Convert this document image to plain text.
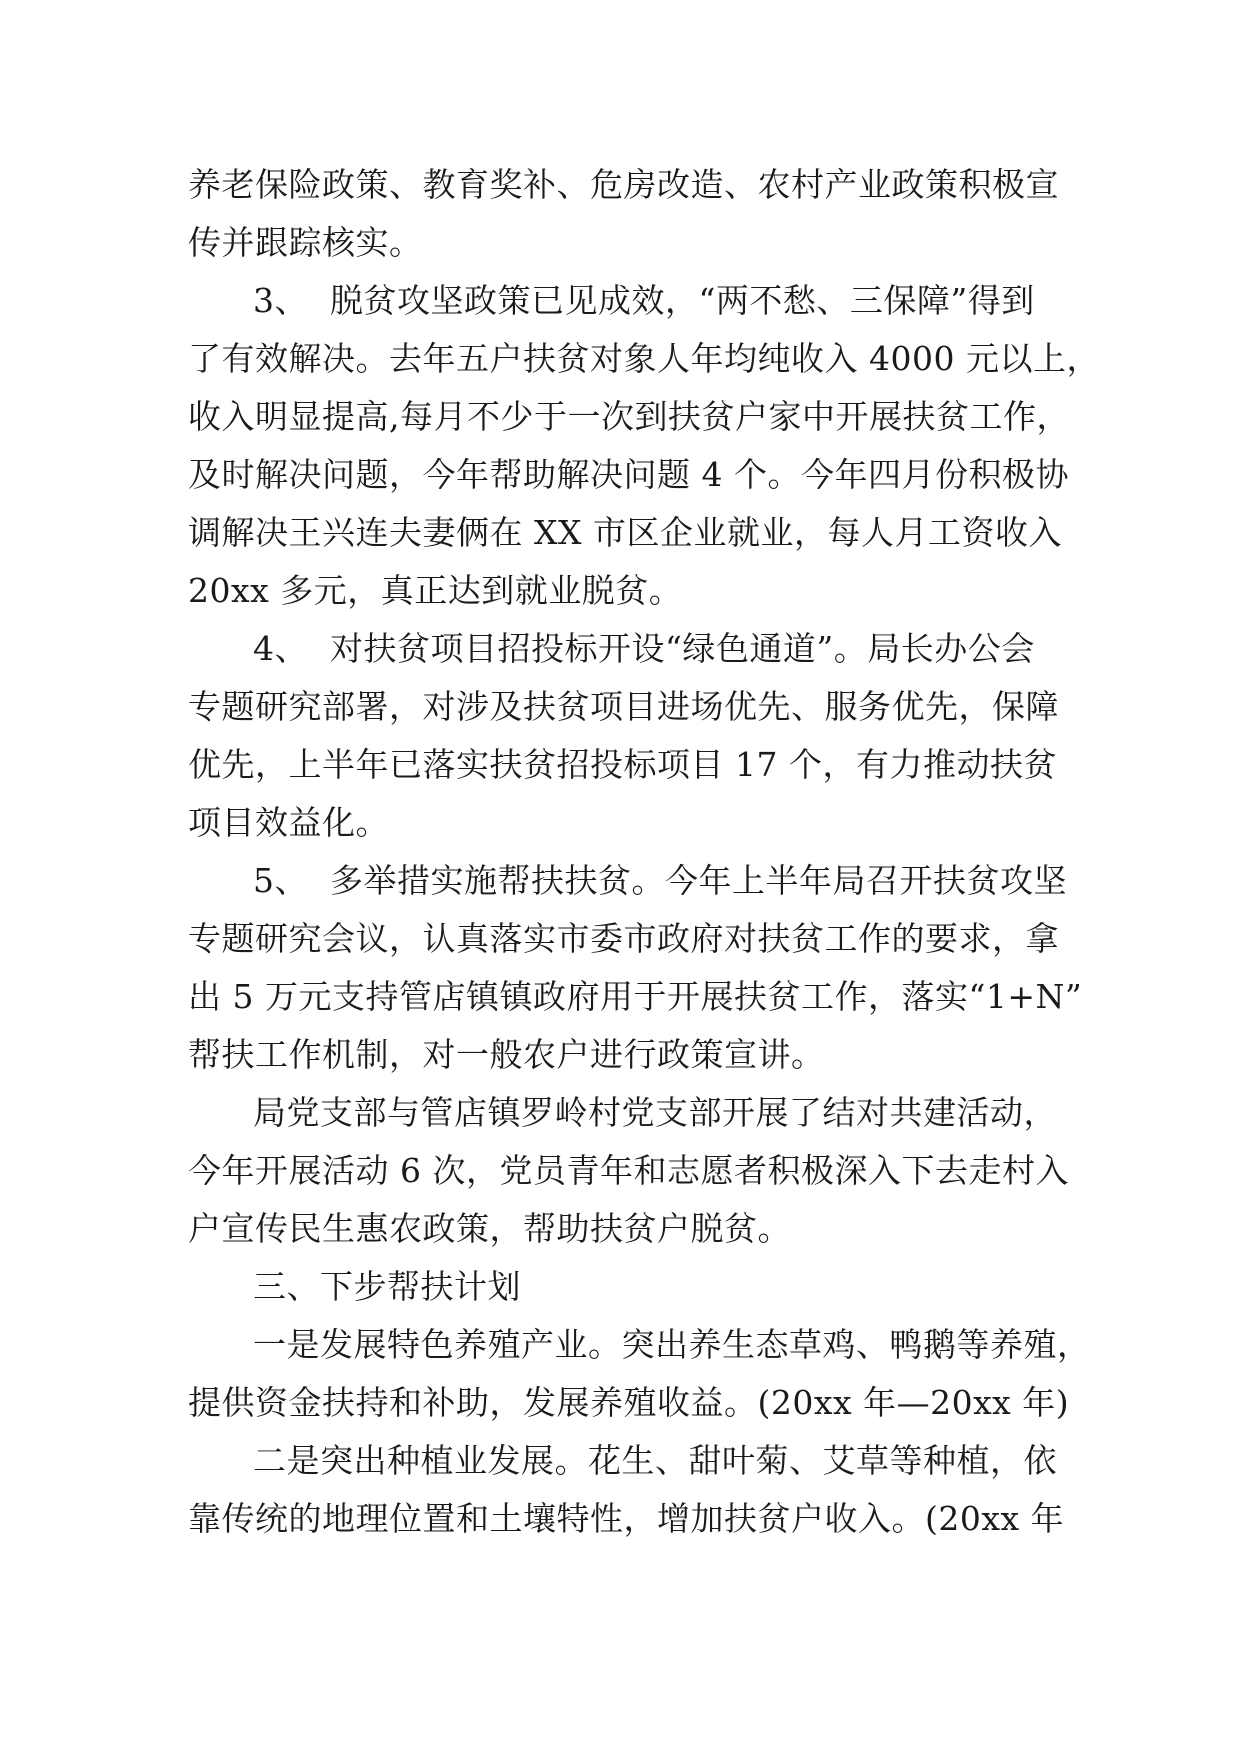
养老保险政策、教育奖补、危房改造、农村产业政策积极宣
传并跟踪核实。
3、  脱贫攻坚政策已见成效，“两不愁、三保障”得到
了有效解决。去年五户扶贫对象人年均纯收入 4000 元以上，
收入明显提高,每月不少于一次到扶贫户家中开展扶贫工作，
及时解决问题，今年帮助解决问题 4 个。今年四月份积极协
调解决王兴连夫妻俩在 XX 市区企业就业，每人月工资收入
20xx 多元，真正达到就业脱贫。
4、  对扶贫项目招投标开设“绿色通道”。局长办公会
专题研究部署，对涉及扶贫项目进场优先、服务优先，保障
优先，上半年已落实扶贫招投标项目 17 个，有力推动扶贫
项目效益化。
5、  多举措实施帮扶扶贫。今年上半年局召开扶贫攻坚
专题研究会议，认真落实市委市政府对扶贫工作的要求，拿
出 5 万元支持管店镇镇政府用于开展扶贫工作，落实“1+N”
帮扶工作机制，对一般农户进行政策宣讲。
局党支部与管店镇罗岭村党支部开展了结对共建活动，
今年开展活动 6 次，党员青年和志愿者积极深入下去走村入
户宣传民生惠农政策，帮助扶贫户脱贫。
三、下步帮扶计划
一是发展特色养殖产业。突出养生态草鸡、鸭鹅等养殖，
提供资金扶持和补助，发展养殖收益。(20xx 年—20xx 年)
二是突出种植业发展。花生、甜叶菊、艾草等种植，依
靠传统的地理位置和土壤特性，增加扶贫户收入。(20xx 年
